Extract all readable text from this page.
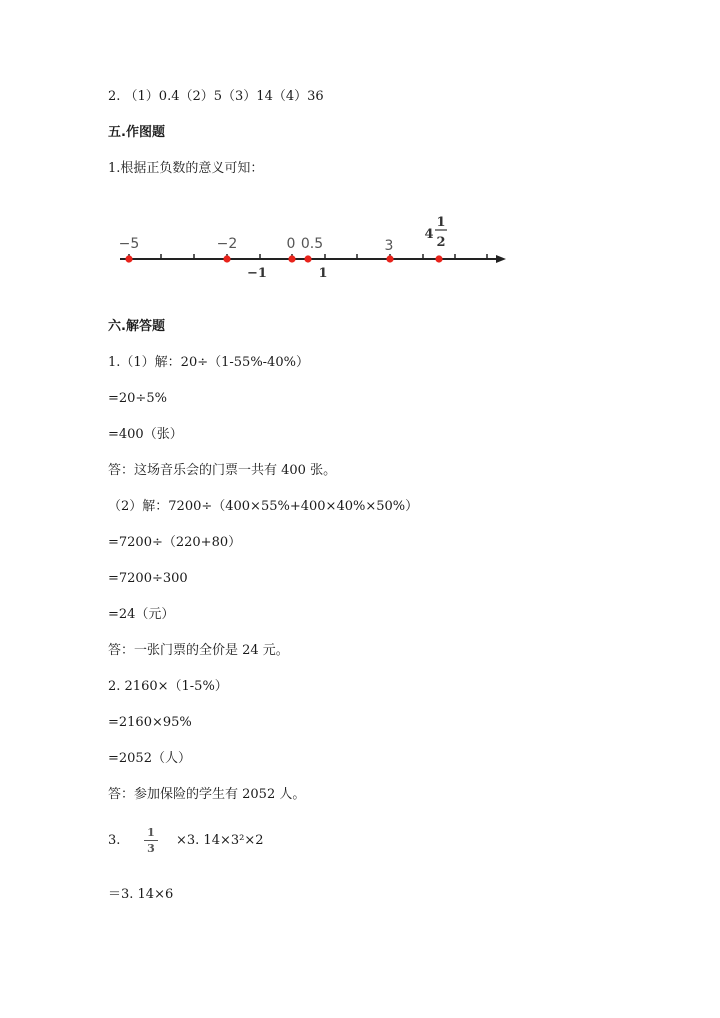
2. （1）0.4（2）5（3）14（4）36
五.作图题
1.根据正负数的意义可知：
−5	−2	0 0.5	3
4
1
2
−1	1
六.解答题
1.（1）解：20÷（1-55%-40%）
=20÷5%
=400（张）
答：这场音乐会的门票一共有 400 张。
（2）解：7200÷（400×55%+400×40%×50%）
=7200÷（220+80）
=7200÷300
=24（元）
答：一张门票的全价是 24 元。
2. 2160×（1-5%）
=2160×95%
=2052（人）
答：参加保险的学生有 2052 人。
3.
1
3
×3. 14×3²×2
＝3. 14×6
